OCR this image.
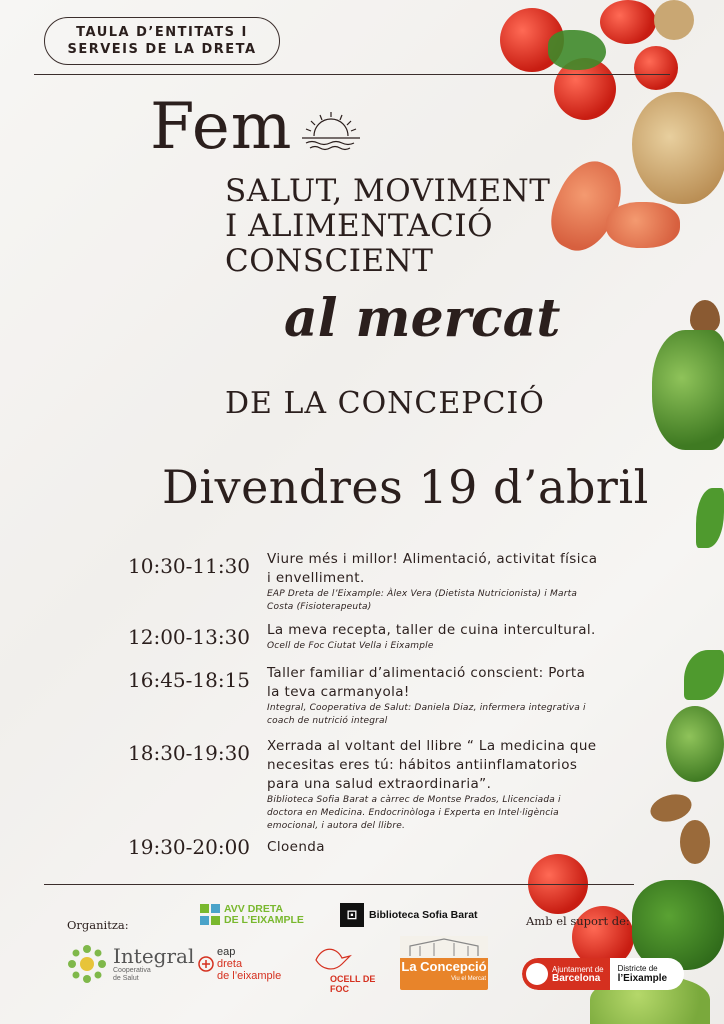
TAULA D’ENTITATS I
SERVEIS DE LA DRETA
Fem
SALUT, MOVIMENT
I ALIMENTACIÓ
CONSCIENT
al mercat
DE LA CONCEPCIÓ
Divendres 19 d’abril
10:30-11:30 Viure més i millor! Alimentació, activitat física
i envelliment.
EAP Dreta de l’Eixample: Àlex Vera (Dietista Nutricionista) i Marta
Costa (Fisioterapeuta)
12:00-13:30 La meva recepta, taller de cuina intercultural.
Ocell de Foc Ciutat Vella i Eixample
16:45-18:15 Taller familiar d’alimentació conscient: Porta
la teva carmanyola!
Integral, Cooperativa de Salut: Daniela Diaz, infermera integrativa i
coach de nutrició integral
18:30-19:30 Xerrada al voltant del llibre “ La medicina que
necesitas eres tú: hábitos antiinflamatorios
para una salud extraordinaria”.
Biblioteca Sofia Barat a càrrec de Montse Prados, Llicenciada i
doctora en Medicina. Endocrinòloga i Experta en Intel·ligència
emocional, i autora del llibre.
19:30-20:00 Cloenda
Organitza:	Amb el suport de:
AVV DRETA
DE L’EIXAMPLE	⊡	Biblioteca Sofia Barat
Integral
Cooperativa
de Salut
eap
dreta
de l’eixample	OCELL DE FOC
La Concepció
Viu el Mercat
Ajuntament de
Barcelona
Districte de
l’Eixample
